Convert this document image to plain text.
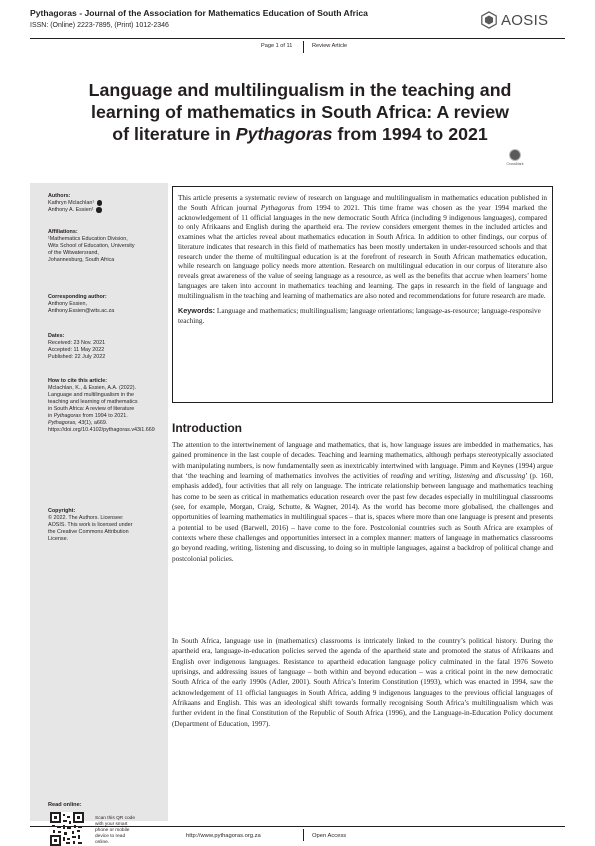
Pythagoras - Journal of the Association for Mathematics Education of South Africa
ISSN: (Online) 2223-7895, (Print) 1012-2346	AOSIS
Page 1 of 11	Review Article
Language and multilingualism in the teaching and
learning of mathematics in South Africa: A review
of literature in Pythagoras from 1994 to 2021
CrossMark
Authors:
Kathryn Mclachlan¹
Anthony A. Essien¹
Affiliations:
¹Mathematics Education Division, Wits School of Education, University of the Witwatersrand, Johannesburg, South Africa
Corresponding author:
Anthony Essien,
Anthony.Essien@wits.ac.za
Dates:
Received: 23 Nov. 2021
Accepted: 11 May 2022
Published: 22 July 2022
How to cite this article:
Mclachlan, K., & Essien, A.A. (2022). Language and multilingualism in the teaching and learning of mathematics in South Africa: A review of literature in Pythagoras from 1994 to 2021. Pythagoras, 43(1), a669. https://doi.org/10.4102/pythagoras.v43i1.669
Copyright:
© 2022. The Authors. Licensee: AOSIS. This work is licensed under the Creative Commons Attribution License.
Read online:
Scan this QR code with your smart phone or mobile device to read online.
This article presents a systematic review of research on language and multilingualism in mathematics education published in the South African journal Pythagoras from 1994 to 2021. This time frame was chosen as the year 1994 marked the acknowledgement of 11 official languages in the new democratic South Africa (including 9 indigenous languages), compared to only Afrikaans and English during the apartheid era. The review considers emergent themes in the included articles and examines what the articles reveal about mathematics education in South Africa. In addition to other findings, our corpus of literature indicates that research in this field of mathematics has been mostly undertaken in under-resourced schools and that research under the theme of multilingual education is at the forefront of research in South African mathematics education, while research on language policy needs more attention. Research on multilingual education in our corpus of literature also reveals great awareness of the value of seeing language as a resource, as well as the benefits that accrue when learners’ home languages are taken into account in mathematics teaching and learning. The gaps in research in the field of language and multilingualism in the teaching and learning of mathematics are also noted and recommendations for future research are made.
Keywords: Language and mathematics; multilingualism; language orientations; language-as-resource; language-responsive teaching.
Introduction
The attention to the intertwinement of language and mathematics, that is, how language issues are imbedded in mathematics, has gained prominence in the last couple of decades. Teaching and learning mathematics, although perhaps stereotypically associated with manipulating numbers, is now fundamentally seen as inextricably intertwined with language. Pimm and Keynes (1994) argue that ‘the teaching and learning of mathematics involves the activities of reading and writing, listening and discussing’ (p. 160, emphasis added), four activities that all rely on language. The intricate relationship between language and mathematics teaching has come to be seen as critical in mathematics education research over the past few decades especially in multilingual classrooms (see, for example, Morgan, Craig, Schutte, & Wagner, 2014). As the world has become more globalised, the challenges and opportunities of learning mathematics in multilingual spaces – that is, spaces where more than one language is present and presents a potential to be used (Barwell, 2016) – have come to the fore. Postcolonial countries such as South Africa are examples of contexts where these challenges and opportunities intersect in a complex manner: matters of language in mathematics classrooms go beyond reading, writing, listening and discussing, to doing so in multiple languages, against a backdrop of political change and postcolonial policies.
In South Africa, language use in (mathematics) classrooms is intricately linked to the country’s political history. During the apartheid era, language-in-education policies served the agenda of the apartheid state and promoted the status of Afrikaans and English over indigenous languages. Resistance to apartheid education language policy culminated in the fatal 1976 Soweto uprisings, and addressing issues of language – both within and beyond education – was a critical point in the new democratic South Africa of the early 1990s (Adler, 2001). South Africa’s Interim Constitution (1993), which was enacted in 1994, saw the acknowledgement of 11 official languages in South Africa, adding 9 indigenous languages to the previous official languages of Afrikaans and English. This was an ideological shift towards formally recognising South Africa’s multilingualism which was further evident in the final Constitution of the Republic of South Africa (1996), and the Language-in-Education Policy document (Department of Education, 1997).
http://www.pythagoras.org.za	Open Access
